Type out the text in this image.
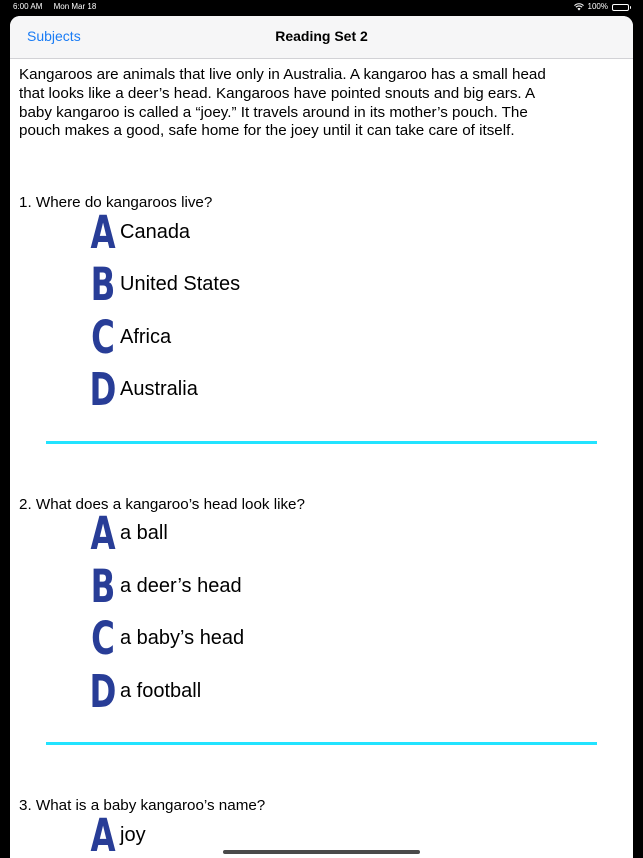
6:00 AM Mon Mar 18	100%
Subjects	Reading Set 2
Kangaroos are animals that live only in Australia. A kangaroo has a small head that looks like a deer’s head. Kangaroos have pointed snouts and big ears. A baby kangaroo is called a “joey.” It travels around in its mother’s pouch. The pouch makes a good, safe home for the joey until it can take care of itself.
1. Where do kangaroos live?
A Canada
B United States
C Africa
D Australia
2. What does a kangaroo’s head look like?
A a ball
B a deer’s head
C a baby’s head
D a football
3. What is a baby kangaroo’s name?
A joy
